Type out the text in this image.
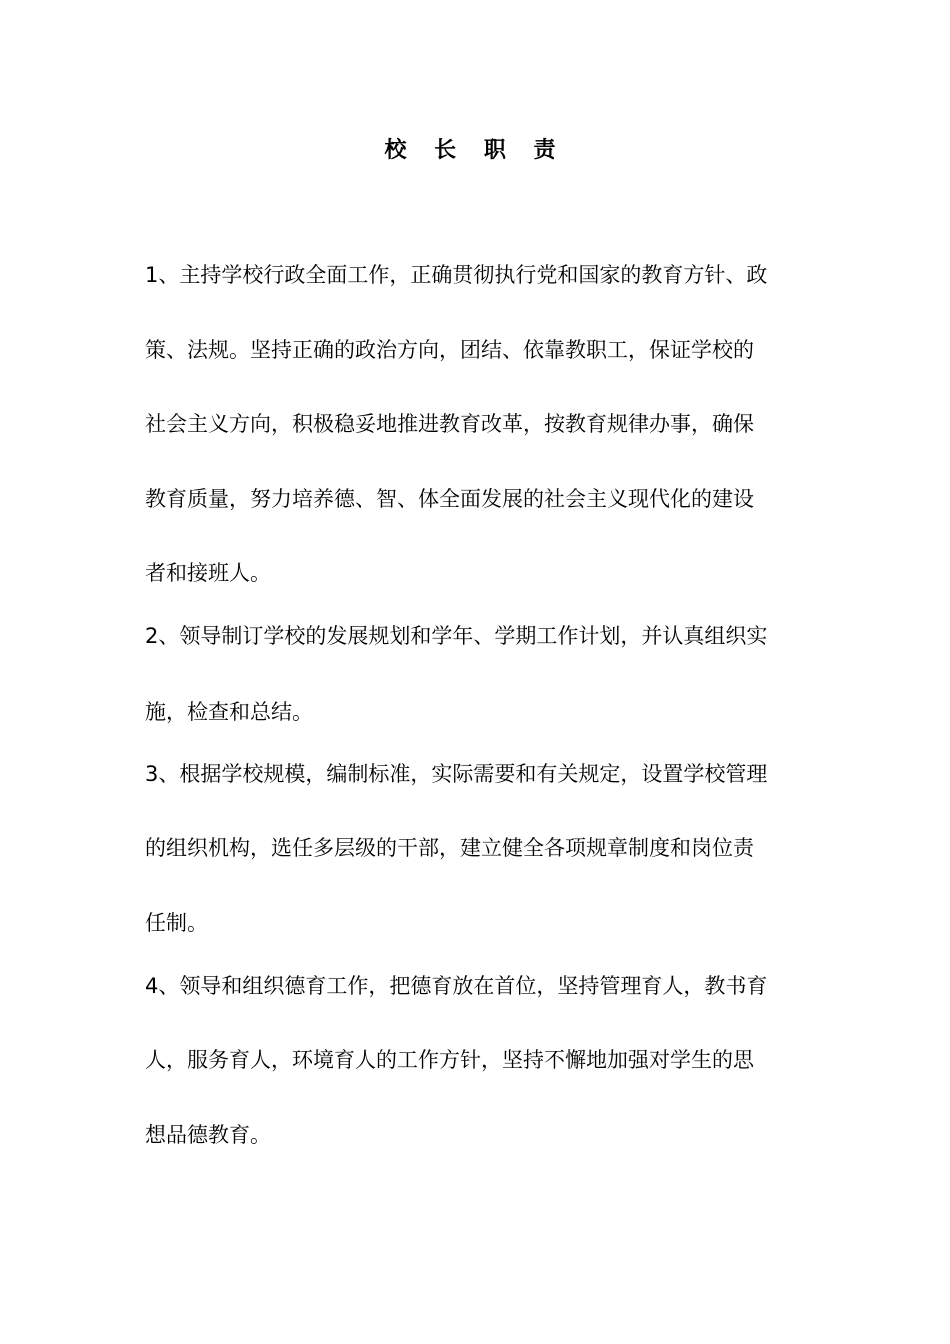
校 长 职 责
1、主持学校行政全面工作，正确贯彻执行党和国家的教育方针、政
策、法规。坚持正确的政治方向，团结、依靠教职工，保证学校的
社会主义方向，积极稳妥地推进教育改革，按教育规律办事，确保
教育质量，努力培养德、智、体全面发展的社会主义现代化的建设
者和接班人。
2、领导制订学校的发展规划和学年、学期工作计划，并认真组织实
施，检查和总结。
3、根据学校规模，编制标准，实际需要和有关规定，设置学校管理
的组织机构，选任多层级的干部，建立健全各项规章制度和岗位责
任制。
4、领导和组织德育工作，把德育放在首位，坚持管理育人，教书育
人，服务育人，环境育人的工作方针，坚持不懈地加强对学生的思
想品德教育。
